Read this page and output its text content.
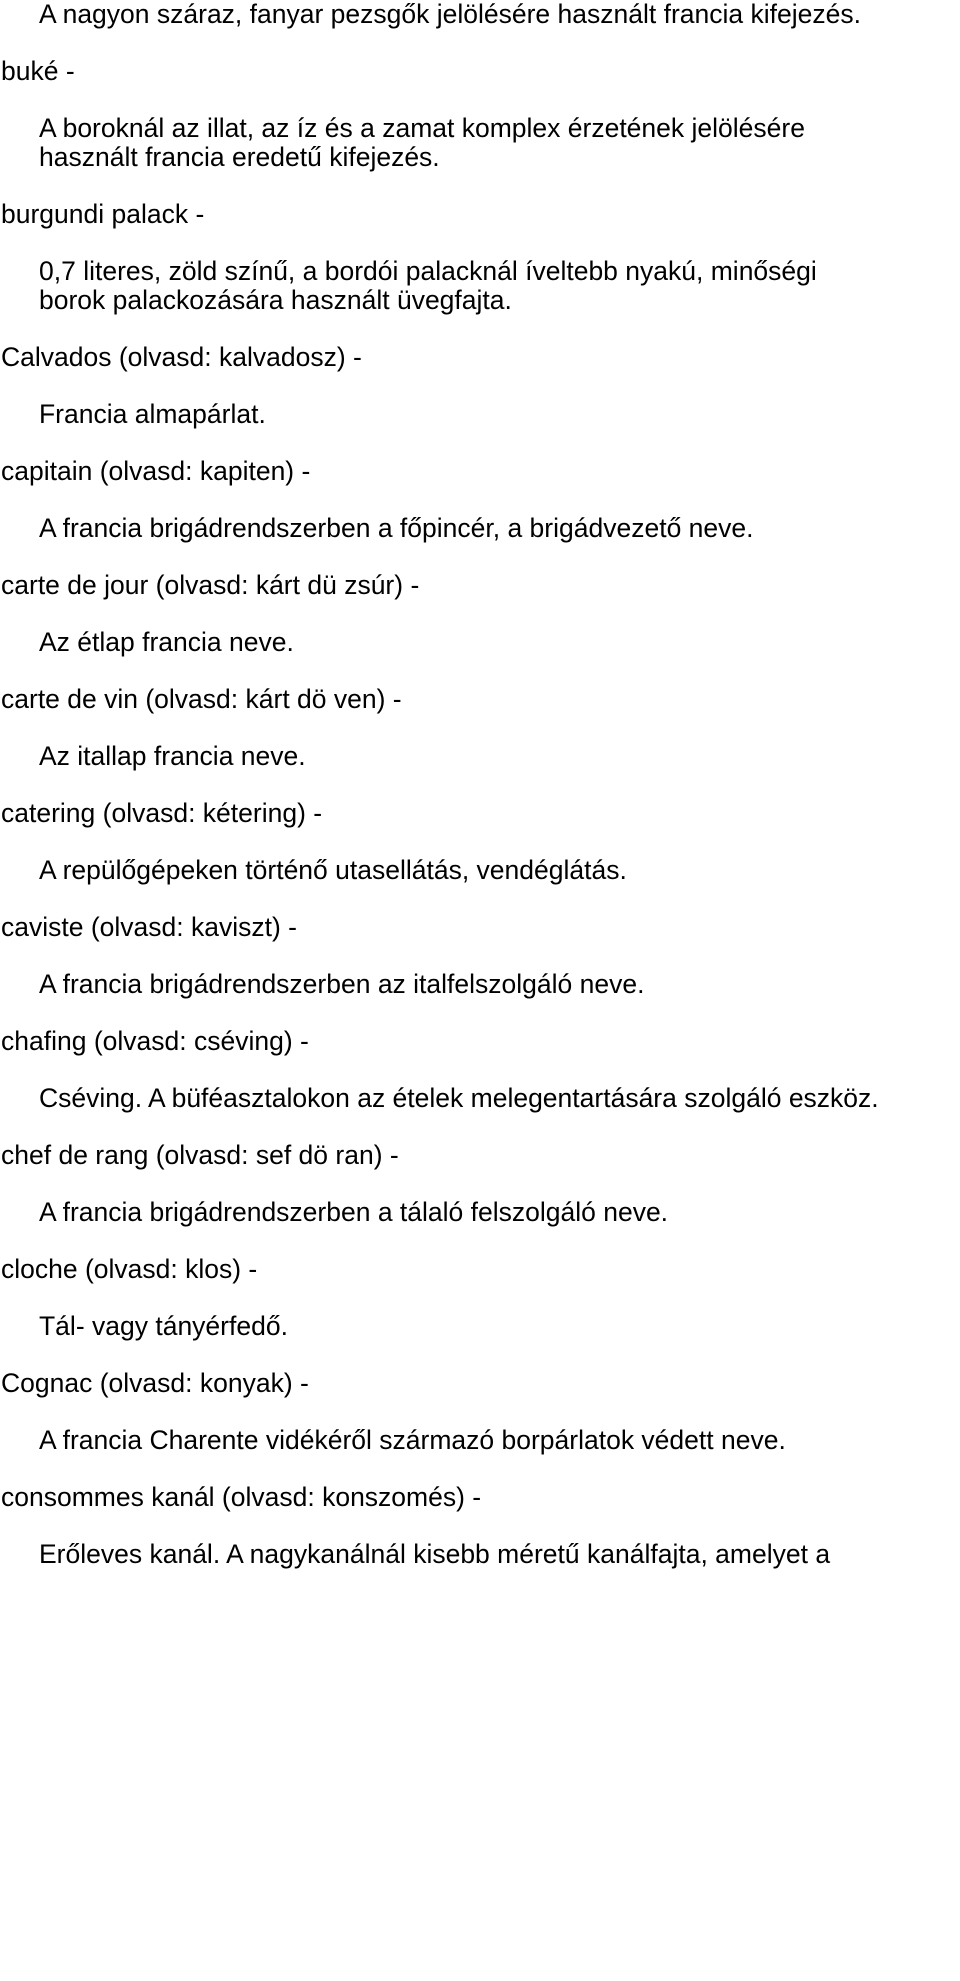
A nagyon száraz, fanyar pezsgők jelölésére használt francia kifejezés.

buké -

A boroknál az illat, az íz és a zamat komplex érzetének jelölésére

használt francia eredetű kifejezés.

burgundi palack -

0,7 literes, zöld színű, a bordói palacknál íveltebb nyakú, minőségi

borok palackozására használt üvegfajta.

Calvados (olvasd: kalvadosz) -

Francia almapárlat.

capitain (olvasd: kapiten) -

A francia brigádrendszerben a főpincér, a brigádvezető neve.

carte de jour (olvasd: kárt dü zsúr) -

Az étlap francia neve.

carte de vin (olvasd: kárt dö ven) -

Az itallap francia neve.

catering (olvasd: kétering) -

A repülőgépeken történő utasellátás, vendéglátás.

caviste (olvasd: kaviszt) -

A francia brigádrendszerben az italfelszolgáló neve.

chafing (olvasd: cséving) -

Cséving. A büféasztalokon az ételek melegentartására szolgáló eszköz.

chef de rang (olvasd: sef dö ran) -

A francia brigádrendszerben a tálaló felszolgáló neve.

cloche (olvasd: klos) -

Tál- vagy tányérfedő.

Cognac (olvasd: konyak) -

A francia Charente vidékéről származó borpárlatok védett neve.

consommes kanál (olvasd: konszomés) -

Erőleves kanál. A nagykanálnál kisebb méretű kanálfajta, amelyet a
